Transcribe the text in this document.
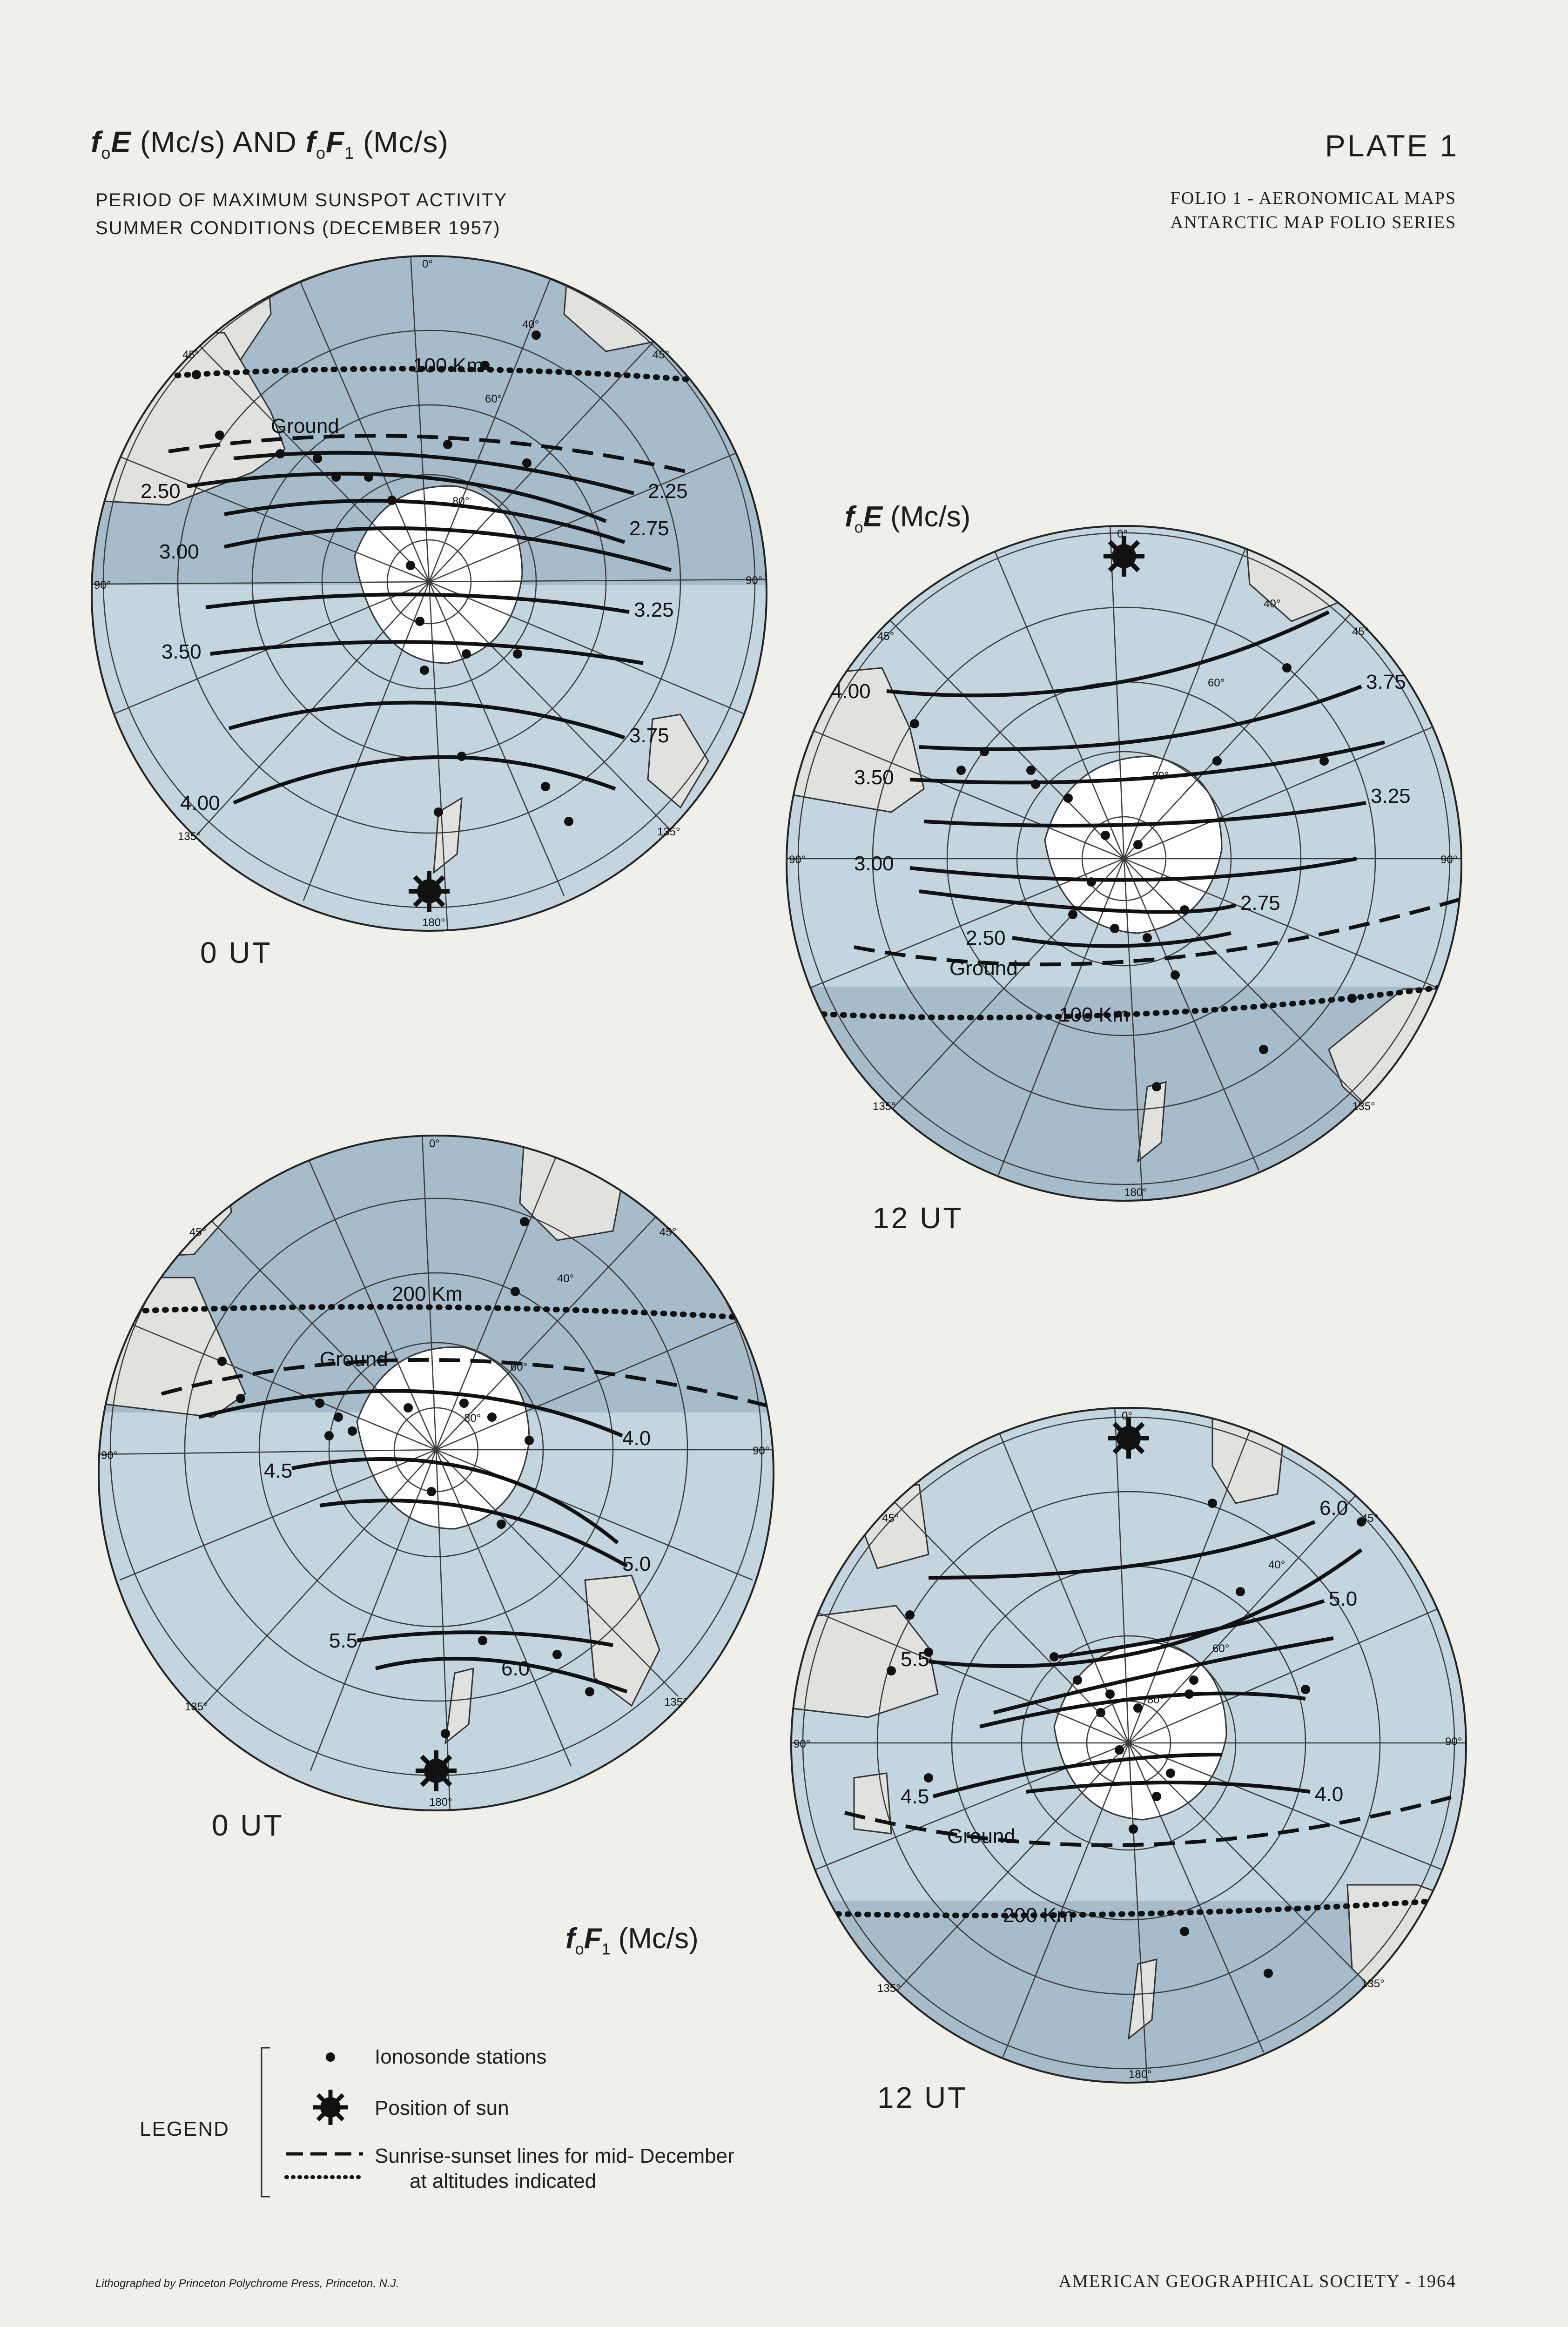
$f_oE$ (Mc/s) AND $f_oF_1$ (Mc/s)
PERIOD OF MAXIMUM SUNSPOT ACTIVITY
SUMMER CONDITIONS (DECEMBER 1957)
PLATE 1
FOLIO 1 - AERONOMICAL MAPS
ANTARCTIC MAP FOLIO SERIES
$f_oE$ (Mc/s)
$f_oF_1$ (Mc/s)
0 UT
12 UT
0 UT
12 UT
100 Km
Ground
2.25
2.50
2.75
3.00
3.25
3.50
3.75
4.00
0°
90°	90°
180°
45°	45°
135°	135°
40°
60°
80°
100 Km
Ground
4.00	3.75
3.50
3.25
3.00
2.75
2.50
0°
90°	90°
180°
45°	45°
135°	135°
40°
60°
80°
200 Km
Ground
4.0
4.5
5.0
5.5
6.0
0°
90°	90°
180°
45°	45°
135°	135°
40°
60°
80°
200 Km
Ground
6.0
5.0
5.5
4.5	4.0
0°
90°	90°
180°
45°	45°
135°	135°
40°
60°
80°
LEGEND
Ionosonde stations
Position of sun
Sunrise-sunset lines for mid- December
at altitudes indicated
Lithographed by Princeton Polychrome Press, Princeton, N.J.	AMERICAN GEOGRAPHICAL SOCIETY - 1964
